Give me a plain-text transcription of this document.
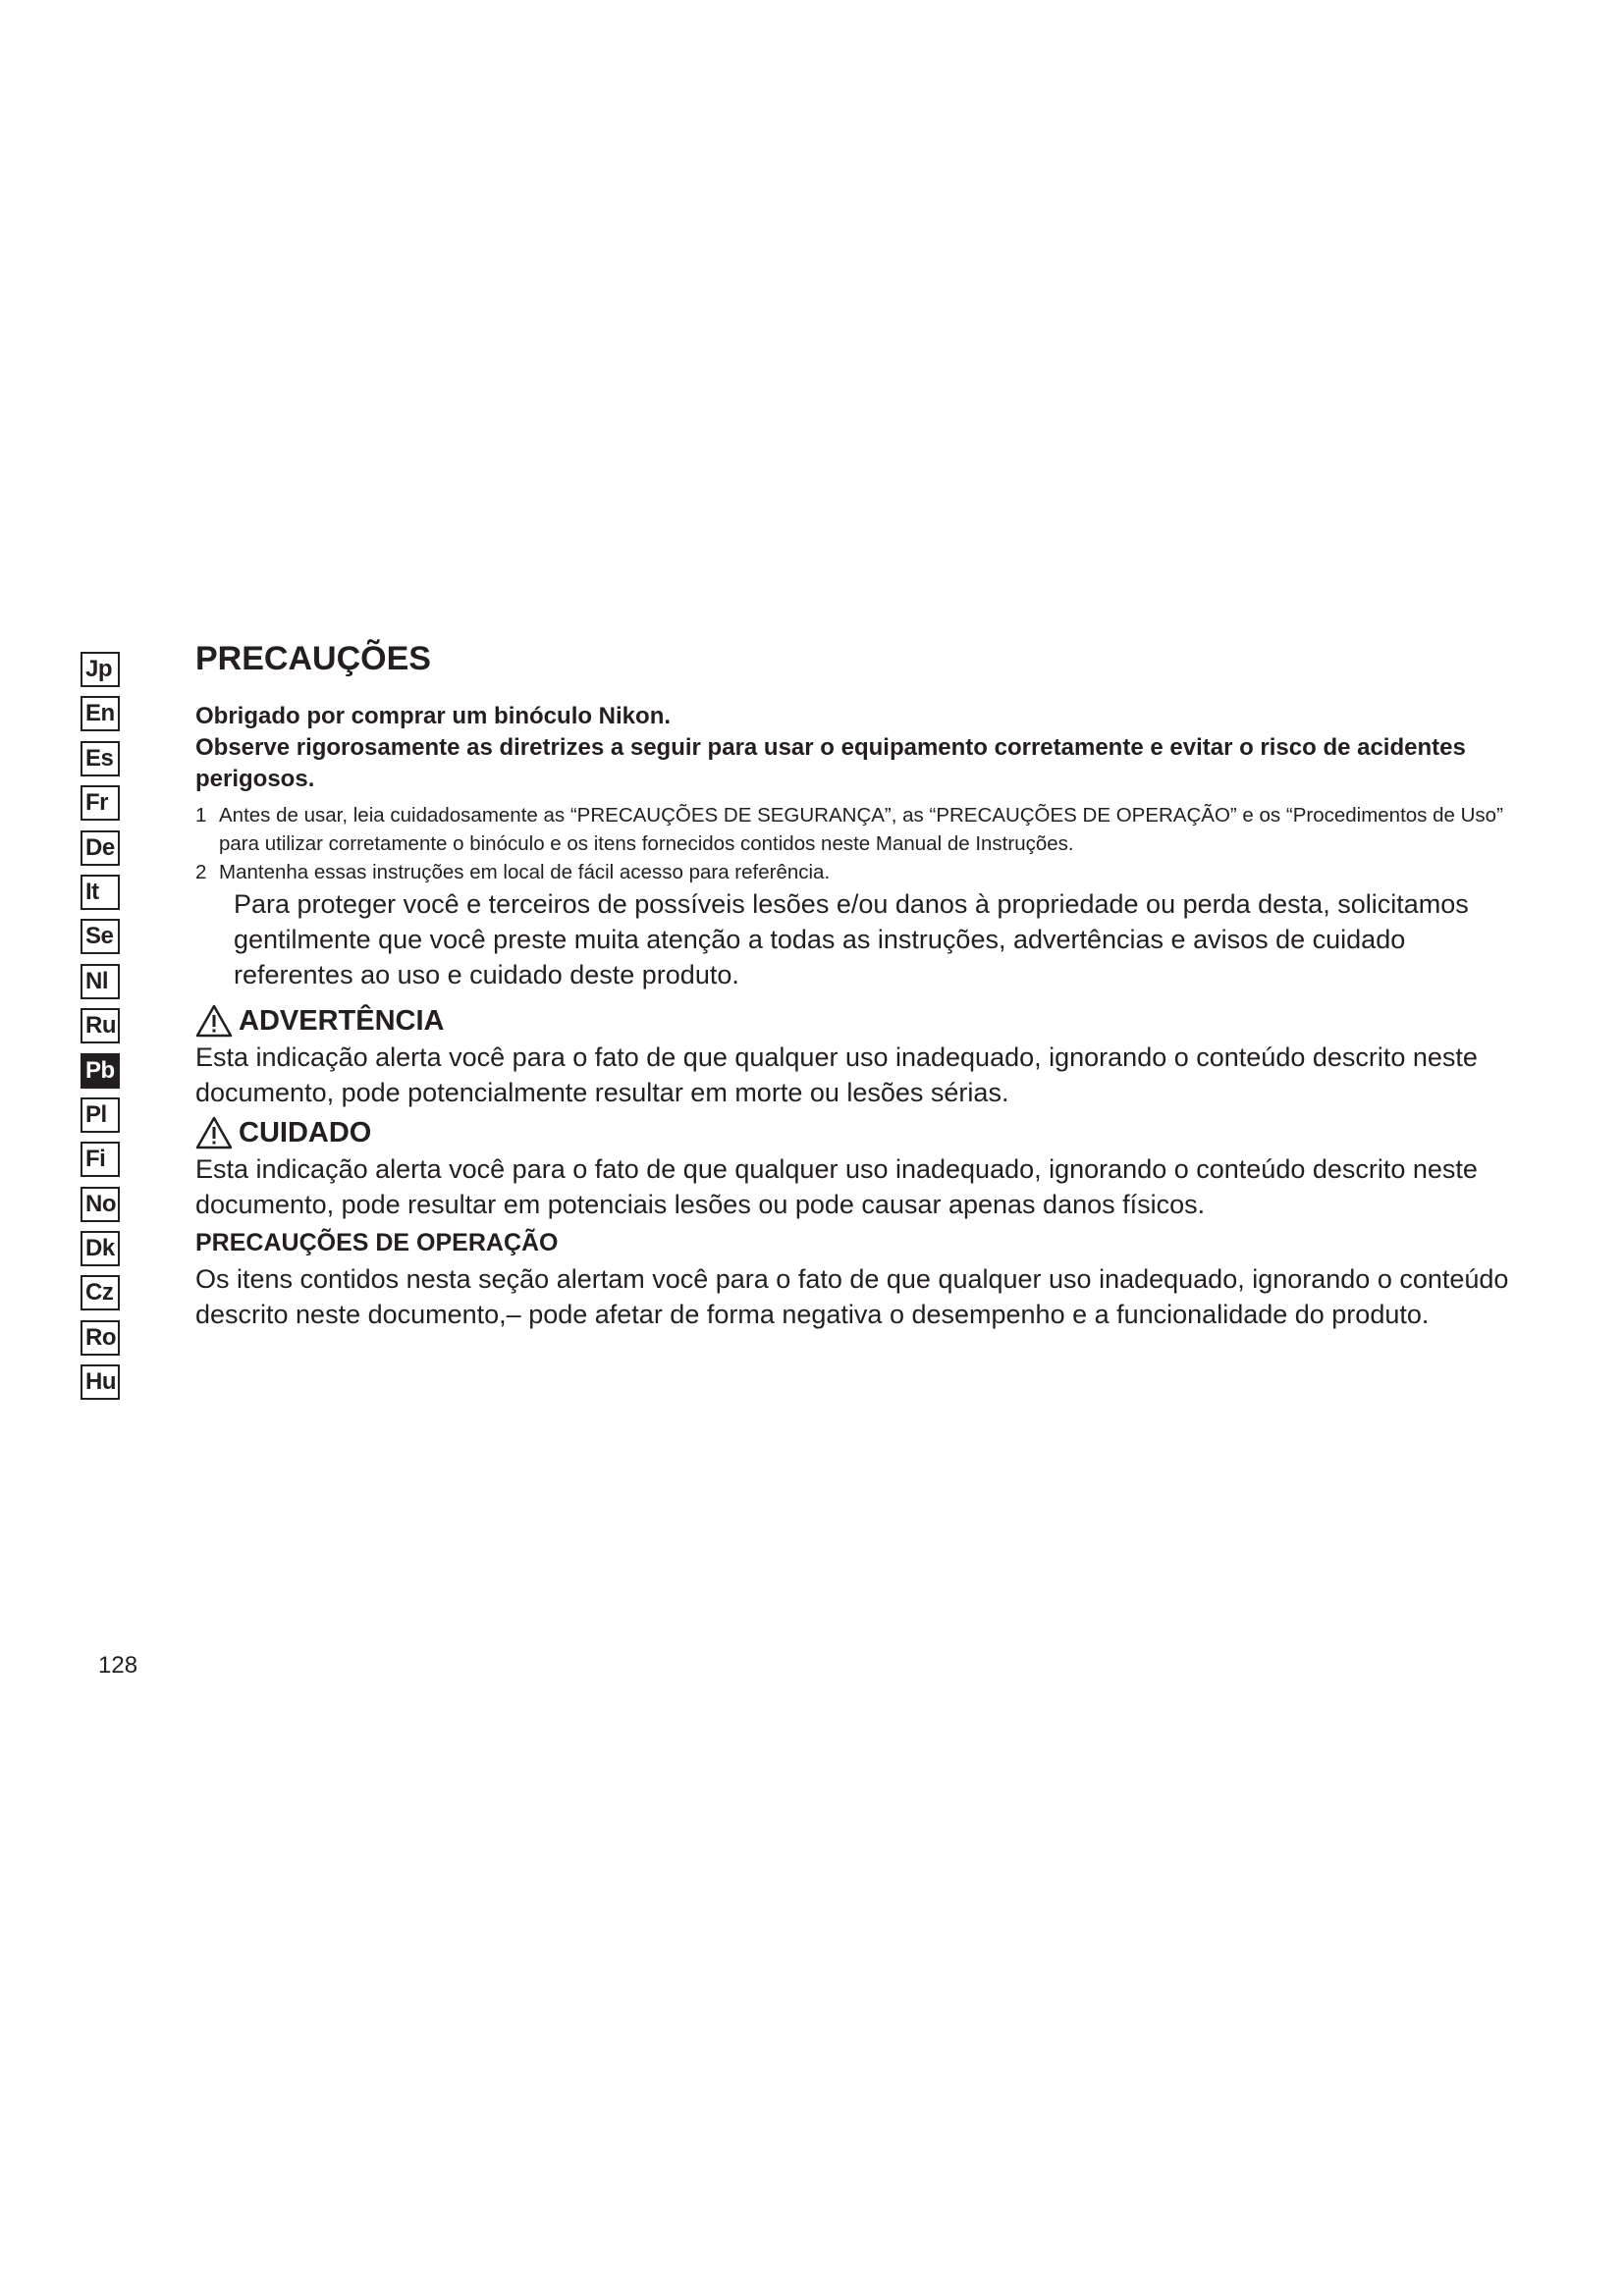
Jp
En
Es
Fr
De
It
Se
Nl
Ru
Pb
Pl
Fi
No
Dk
Cz
Ro
Hu
PRECAUÇÕES

Obrigado por comprar um binóculo Nikon.

Observe rigorosamente as diretrizes a seguir para usar o equipamento corretamente e evitar o risco de acidentes perigosos.

1 Antes de usar, leia cuidadosamente as “PRECAUÇÕES DE SEGURANÇA”, as “PRECAUÇÕES DE OPERAÇÃO” e os “Procedimentos de Uso” para utilizar corretamente o binóculo e os itens fornecidos contidos neste Manual de Instruções.
2 Mantenha essas instruções em local de fácil acesso para referência.

Para proteger você e terceiros de possíveis lesões e/ou danos à propriedade ou perda desta, solicitamos gentilmente que você preste muita atenção a todas as instruções, advertências e avisos de cuidado referentes ao uso e cuidado deste produto.

ADVERTÊNCIA

Esta indicação alerta você para o fato de que qualquer uso inadequado, ignorando o conteúdo descrito neste documento, pode potencialmente resultar em morte ou lesões sérias.

CUIDADO

Esta indicação alerta você para o fato de que qualquer uso inadequado, ignorando o conteúdo descrito neste documento, pode resultar em potenciais lesões ou pode causar apenas danos físicos.

PRECAUÇÕES DE OPERAÇÃO

Os itens contidos nesta seção alertam você para o fato de que qualquer uso inadequado, ignorando o conteúdo descrito neste documento,– pode afetar de forma negativa o desempenho e a funcionalidade do produto.

128
